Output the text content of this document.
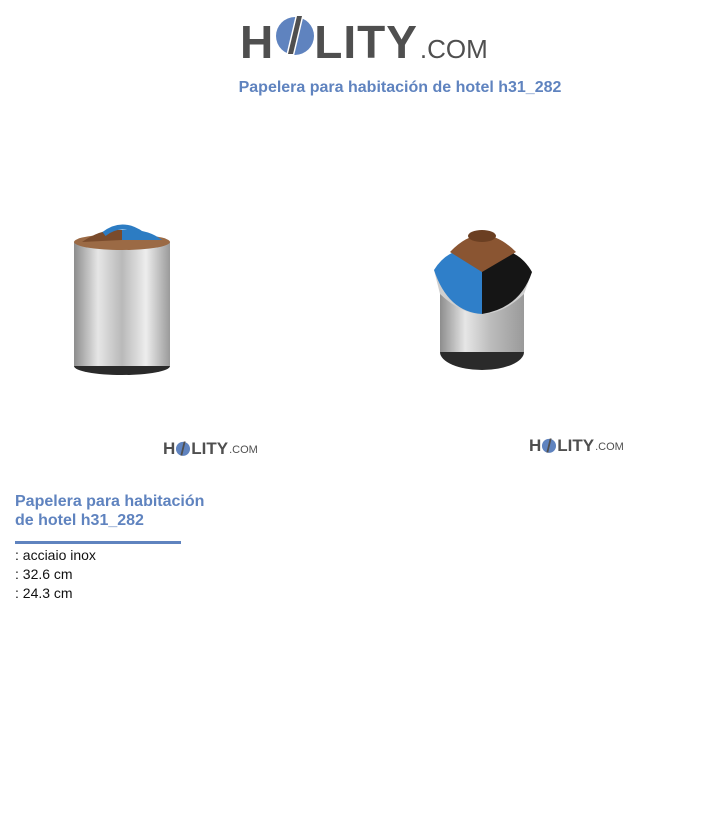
H LITY .COM
Papelera para habitación de hotel h31_282
H LITY .COM	H LITY .COM
Papelera para habitación de hotel h31_282
: acciaio inox
: 32.6 cm
: 24.3 cm
